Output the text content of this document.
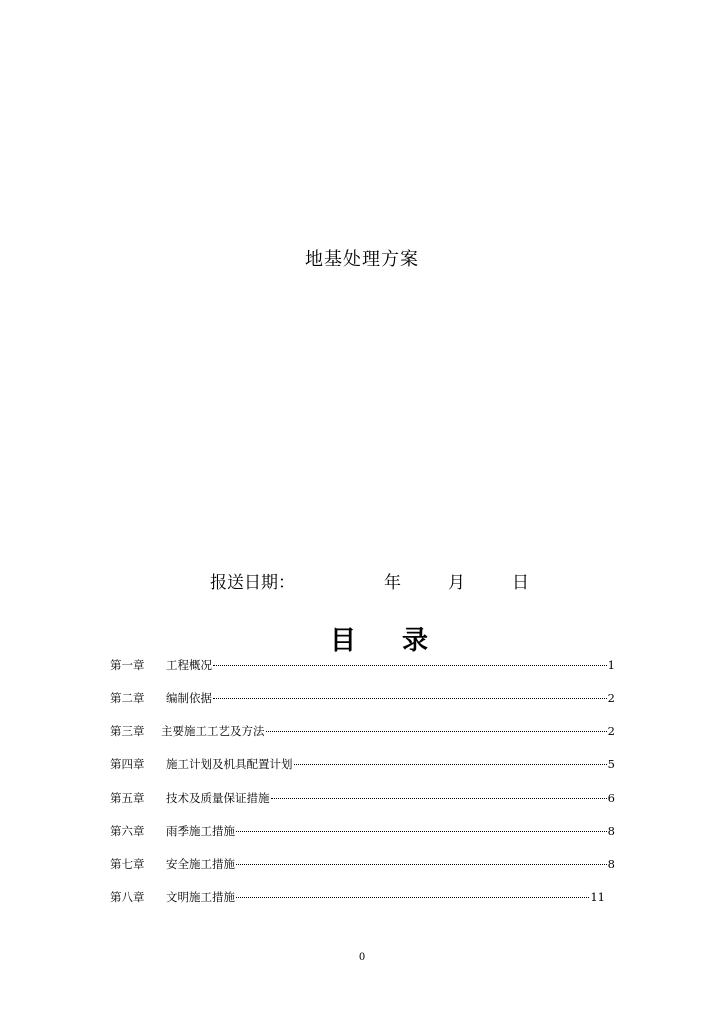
地基处理方案
报送日期：	年	月	日
目 录
第一章	工程概况	1
第二章	编制依据	2
第三章	主要施工工艺及方法	2
第四章	施工计划及机具配置计划	5
第五章	技术及质量保证措施	6
第六章	雨季施工措施	8
第七章	安全施工措施	8
第八章	文明施工措施	11
0
